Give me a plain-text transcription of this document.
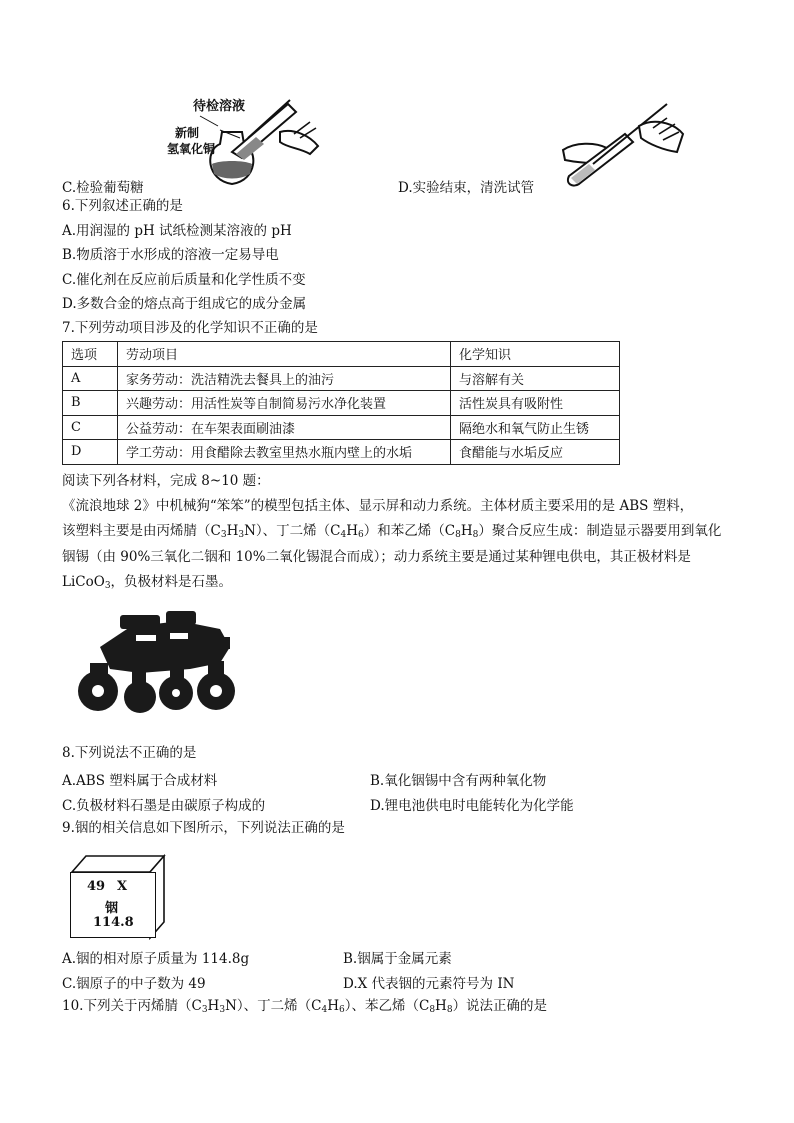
待检溶液
新制
氢氧化铜
C.检验葡萄糖	D.实验结束，清洗试管
6.下列叙述正确的是
A.用润湿的 pH 试纸检测某溶液的 pH
B.物质溶于水形成的溶液一定易导电
C.催化剂在反应前后质量和化学性质不变
D.多数合金的熔点高于组成它的成分金属
7.下列劳动项目涉及的化学知识不正确的是
选项	劳动项目	化学知识
A	家务劳动：洗洁精洗去餐具上的油污	与溶解有关
B	兴趣劳动：用活性炭等自制简易污水净化装置	活性炭具有吸附性
C	公益劳动：在车架表面刷油漆	隔绝水和氧气防止生锈
D	学工劳动：用食醋除去教室里热水瓶内壁上的水垢	食醋能与水垢反应
阅读下列各材料，完成 8~10 题：
《流浪地球 2》中机械狗“笨笨”的模型包括主体、显示屏和动力系统。主体材质主要采用的是 ABS 塑料，
该塑料主要是由丙烯腈$(C_3H_3N)$、丁二烯$(C_4H_6)$和苯乙烯$(C_8H_8)$聚合反应生成：制造显示器要用到氧化
铟锡（由 90%三氧化二铟和 10%二氧化锡混合而成）；动力系统主要是通过某种锂电供电，其正极材料是
LiCoO$_3$，负极材料是石墨。
8.下列说法不正确的是
A.ABS 塑料属于合成材料	B.氧化铟锡中含有两种氧化物
C.负极材料石墨是由碳原子构成的	D.锂电池供电时电能转化为化学能
9.铟的相关信息如下图所示，下列说法正确的是
49 X
铟
114.8
A.铟的相对原子质量为 114.8g	B.铟属于金属元素
C.铟原子的中子数为 49	D.X 代表铟的元素符号为 IN
10.下列关于丙烯腈$(C_3H_3N)$、丁二烯$(C_4H_6)$、苯乙烯$(C_8H_8)$说法正确的是
